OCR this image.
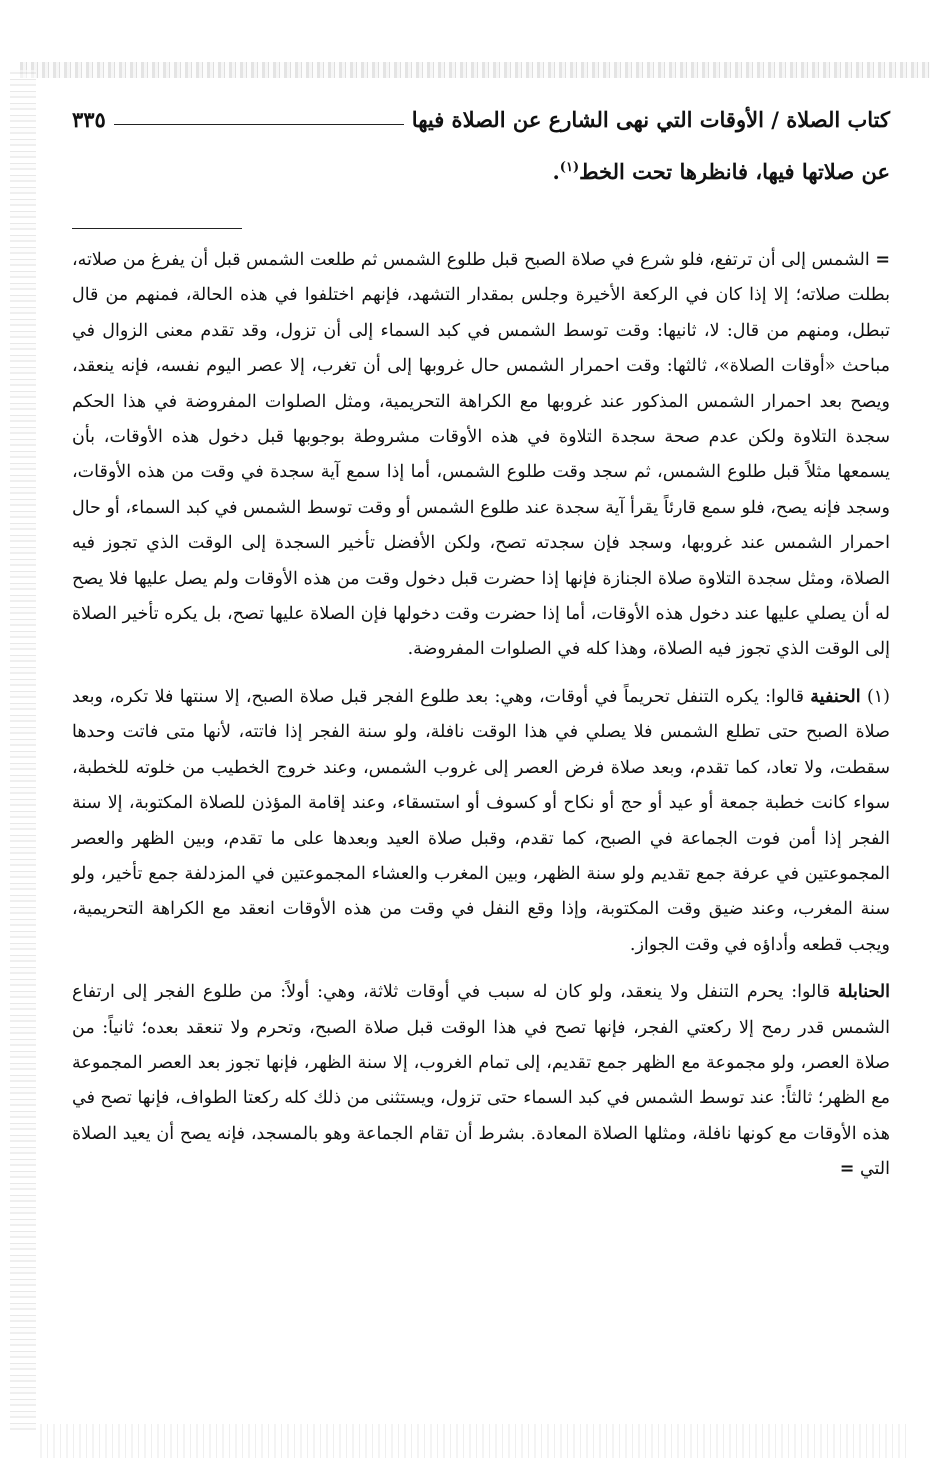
كتاب الصلاة / الأوقات التي نهى الشارع عن الصلاة فيها
٣٣٥

عن صلاتها فيها، فانظرها تحت الخط$^{(١)}$.

= الشمس إلى أن ترتفع، فلو شرع في صلاة الصبح قبل طلوع الشمس ثم طلعت الشمس قبل أن يفرغ من صلاته، بطلت صلاته؛ إلا إذا كان في الركعة الأخيرة وجلس بمقدار التشهد، فإنهم اختلفوا في هذه الحالة، فمنهم من قال تبطل، ومنهم من قال: لا، ثانيها: وقت توسط الشمس في كبد السماء إلى أن تزول، وقد تقدم معنى الزوال في مباحث «أوقات الصلاة»، ثالثها: وقت احمرار الشمس حال غروبها إلى أن تغرب، إلا عصر اليوم نفسه، فإنه ينعقد، ويصح بعد احمرار الشمس المذكور عند غروبها مع الكراهة التحريمية، ومثل الصلوات المفروضة في هذا الحكم سجدة التلاوة ولكن عدم صحة سجدة التلاوة في هذه الأوقات مشروطة بوجوبها قبل دخول هذه الأوقات، بأن يسمعها مثلاً قبل طلوع الشمس، ثم سجد وقت طلوع الشمس، أما إذا سمع آية سجدة في وقت من هذه الأوقات، وسجد فإنه يصح، فلو سمع قارئاً يقرأ آية سجدة عند طلوع الشمس أو وقت توسط الشمس في كبد السماء، أو حال احمرار الشمس عند غروبها، وسجد فإن سجدته تصح، ولكن الأفضل تأخير السجدة إلى الوقت الذي تجوز فيه الصلاة، ومثل سجدة التلاوة صلاة الجنازة فإنها إذا حضرت قبل دخول وقت من هذه الأوقات ولم يصل عليها فلا يصح له أن يصلي عليها عند دخول هذه الأوقات، أما إذا حضرت وقت دخولها فإن الصلاة عليها تصح، بل يكره تأخير الصلاة إلى الوقت الذي تجوز فيه الصلاة، وهذا كله في الصلوات المفروضة.

(١) الحنفية قالوا: يكره التنفل تحريماً في أوقات، وهي: بعد طلوع الفجر قبل صلاة الصبح، إلا سنتها فلا تكره، وبعد صلاة الصبح حتى تطلع الشمس فلا يصلي في هذا الوقت نافلة، ولو سنة الفجر إذا فاتته، لأنها متى فاتت وحدها سقطت، ولا تعاد، كما تقدم، وبعد صلاة فرض العصر إلى غروب الشمس، وعند خروج الخطيب من خلوته للخطبة، سواء كانت خطبة جمعة أو عيد أو حج أو نكاح أو كسوف أو استسقاء، وعند إقامة المؤذن للصلاة المكتوبة، إلا سنة الفجر إذا أمن فوت الجماعة في الصبح، كما تقدم، وقبل صلاة العيد وبعدها على ما تقدم، وبين الظهر والعصر المجموعتين في عرفة جمع تقديم ولو سنة الظهر، وبين المغرب والعشاء المجموعتين في المزدلفة جمع تأخير، ولو سنة المغرب، وعند ضيق وقت المكتوبة، وإذا وقع النفل في وقت من هذه الأوقات انعقد مع الكراهة التحريمية، ويجب قطعه وأداؤه في وقت الجواز.

الحنابلة قالوا: يحرم التنفل ولا ينعقد، ولو كان له سبب في أوقات ثلاثة، وهي: أولاً: من طلوع الفجر إلى ارتفاع الشمس قدر رمح إلا ركعتي الفجر، فإنها تصح في هذا الوقت قبل صلاة الصبح، وتحرم ولا تنعقد بعده؛ ثانياً: من صلاة العصر، ولو مجموعة مع الظهر جمع تقديم، إلى تمام الغروب، إلا سنة الظهر، فإنها تجوز بعد العصر المجموعة مع الظهر؛ ثالثاً: عند توسط الشمس في كبد السماء حتى تزول، ويستثنى من ذلك كله ركعتا الطواف، فإنها تصح في هذه الأوقات مع كونها نافلة، ومثلها الصلاة المعادة. بشرط أن تقام الجماعة وهو بالمسجد، فإنه يصح أن يعيد الصلاة التي =
